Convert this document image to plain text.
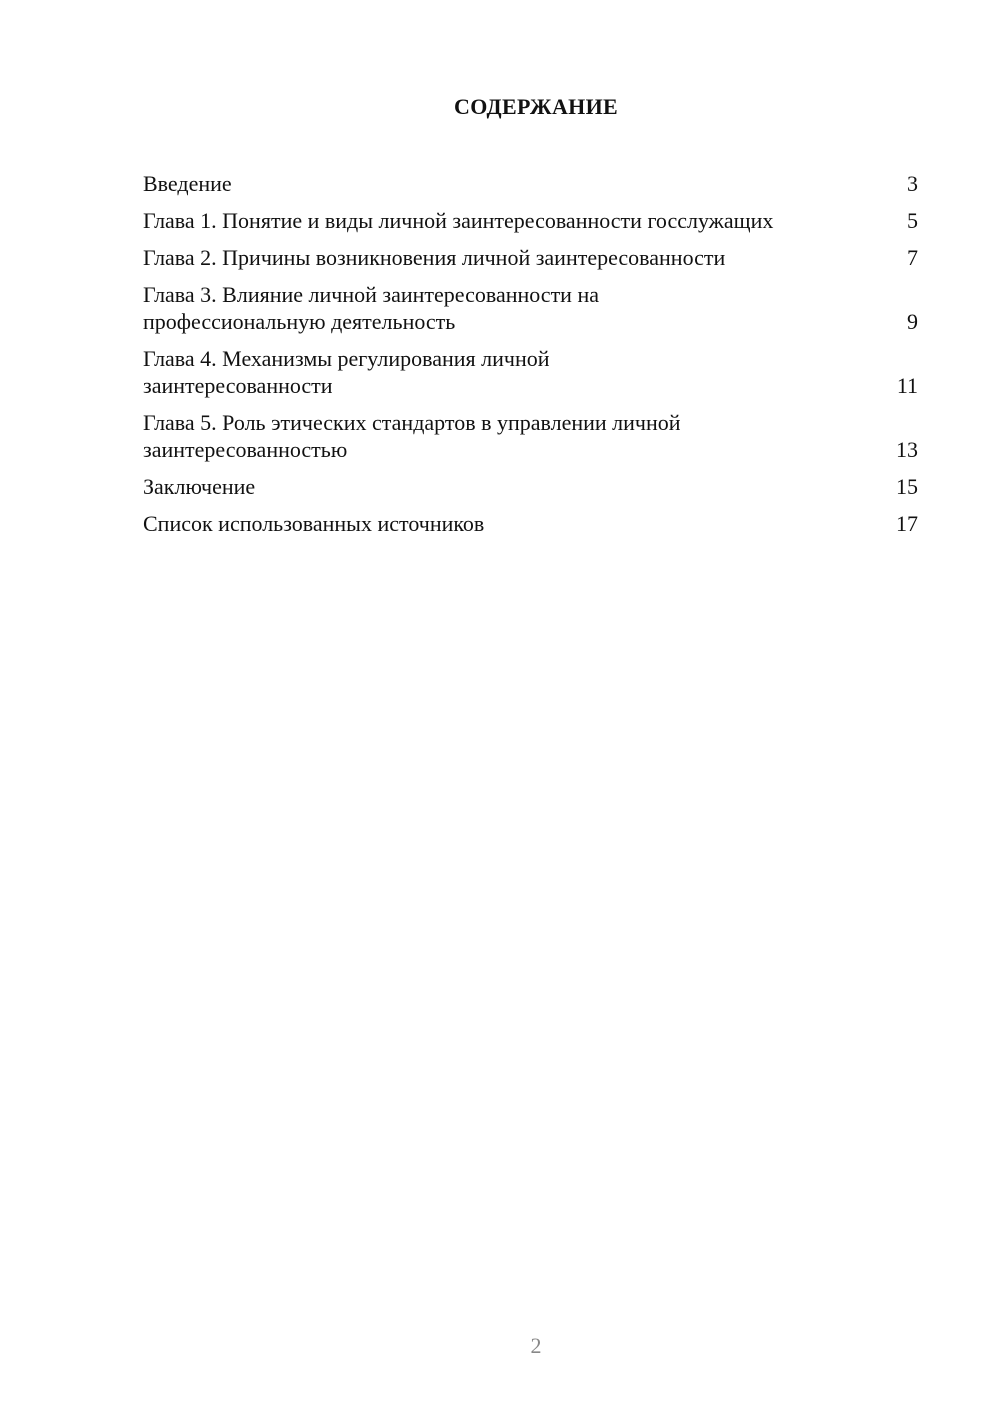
СОДЕРЖАНИЕ
Введение	3
Глава 1. Понятие и виды личной заинтересованности госслужащих	5
Глава 2. Причины возникновения личной заинтересованности	7
Глава 3. Влияние личной заинтересованности на профессиональную деятельность	9
Глава 4. Механизмы регулирования личной заинтересованности	11
Глава 5. Роль этических стандартов в управлении личной заинтересованностью	13
Заключение	15
Список использованных источников	17
2
